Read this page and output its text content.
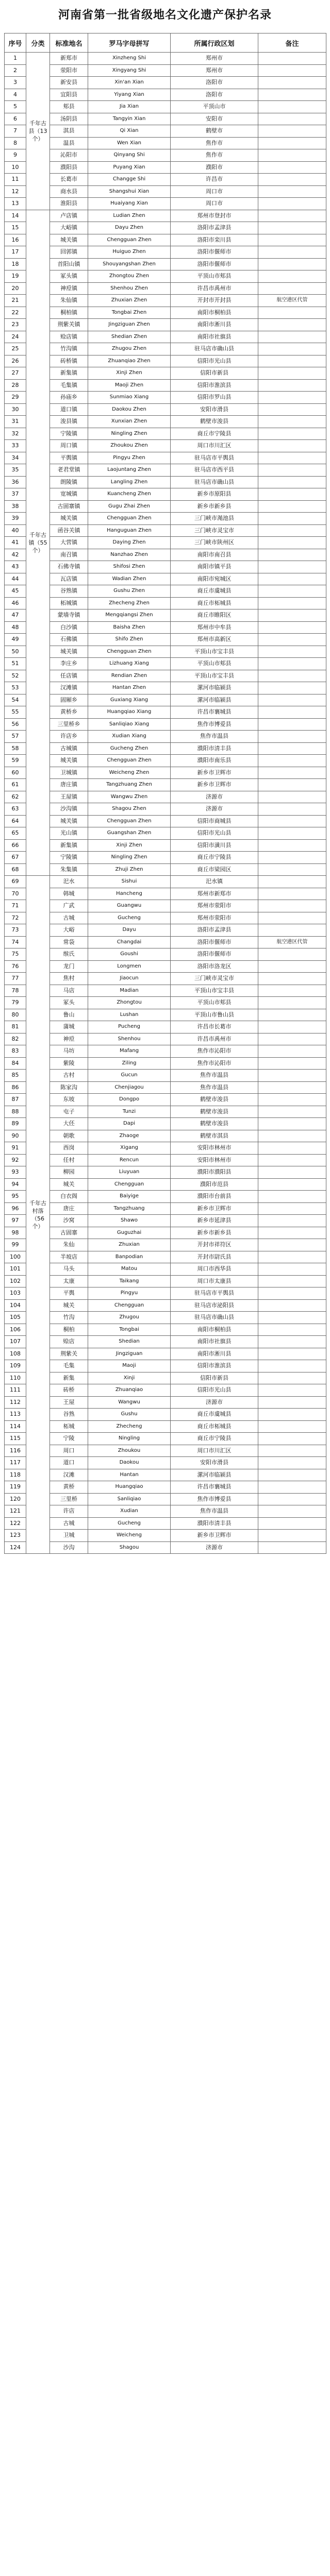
河南省第一批省级地名文化遗产保护名录
序号	分类	标准地名	罗马字母拼写	所属行政区划	备注
1	千年古县（13个）	新郑市	Xinzheng Shi	郑州市	
2		荥阳市	Xingyang Shi	郑州市	
3		新安县	Xin'an Xian	洛阳市	
4		宜阳县	Yiyang Xian	洛阳市	
5		郏县	Jia Xian	平顶山市	
6		汤阴县	Tangyin Xian	安阳市	
7		淇县	Qi Xian	鹤壁市	
8		温县	Wen Xian	焦作市	
9		沁阳市	Qinyang Shi	焦作市	
10		濮阳县	Puyang Xian	濮阳市	
11		长葛市	Changge Shi	许昌市	
12		商水县	Shangshui Xian	周口市	
13		淮阳县	Huaiyang Xian	周口市	
14	千年古镇（55个）	卢店镇	Ludian Zhen	郑州市登封市	
15		大峪镇	Dayu Zhen	洛阳市孟津县	
16		城关镇	Chengguan Zhen	洛阳市栾川县	
17		回郭镇	Huiguo Zhen	洛阳市偃师市	
18		首阳山镇	Shouyangshan Zhen	洛阳市偃师市	
19		冢头镇	Zhongtou Zhen	平顶山市郏县	
20		神垕镇	Shenhou Zhen	许昌市禹州市	
21		朱仙镇	Zhuxian Zhen	开封市开封县	航空港区代管
22		桐柏镇	Tongbai Zhen	南阳市桐柏县	
23		荆紫关镇	Jingziguan Zhen	南阳市淅川县	
24		赊店镇	Shedian Zhen	南阳市社旗县	
25		竹沟镇	Zhugou Zhen	驻马店市确山县	
26		砖桥镇	Zhuanqiao Zhen	信阳市光山县	
27		新集镇	Xinji Zhen	信阳市新县	
28		毛集镇	Maoji Zhen	信阳市淮滨县	
29		孙庙乡	Sunmiao Xiang	信阳市罗山县	
30		道口镇	Daokou Zhen	安阳市滑县	
31		浚县镇	Xunxian Zhen	鹤壁市浚县	
32		宁陵镇	Ningling Zhen	商丘市宁陵县	
33		周口镇	Zhoukou Zhen	周口市川汇区	
34		平舆镇	Pingyu Zhen	驻马店市平舆县	
35		老君堂镇	Laojuntang Zhen	驻马店市西平县	
36		朗陵镇	Langling Zhen	驻马店市确山县	
37		宽城镇	Kuancheng Zhen	新乡市原阳县	
38		古固寨镇	Gugu Zhai Zhen	新乡市新乡县	
39		城关镇	Chengguan Zhen	三门峡市渑池县	
40		函谷关镇	Hanguguan Zhen	三门峡市灵宝市	
41		大营镇	Daying Zhen	三门峡市陕州区	
42		南召镇	Nanzhao Zhen	南阳市南召县	
43		石佛寺镇	Shifosi Zhen	南阳市镇平县	
44		瓦店镇	Wadian Zhen	南阳市宛城区	
45		谷熟镇	Gushu Zhen	商丘市虞城县	
46		柘城镇	Zhecheng Zhen	商丘市柘城县	
47		蒙墙寺镇	Mengqiangsi Zhen	商丘市睢阳区	
48		白沙镇	Baisha Zhen	郑州市中牟县	
49		石佛镇	Shifo Zhen	郑州市高新区	
50		城关镇	Chengguan Zhen	平顶山市宝丰县	
51		李庄乡	Lizhuang Xiang	平顶山市郏县	
52		任店镇	Rendian Zhen	平顶山市宝丰县	
53		汉滩镇	Hantan Zhen	漯河市临颍县	
54		固厢乡	Guxiang Xiang	漯河市临颍县	
55		黄桥乡	Huangqiao Xiang	许昌市襄城县	
56		三里桥乡	Sanliqiao Xiang	焦作市博爱县	
57		许店乡	Xudian Xiang	焦作市温县	
58		古城镇	Gucheng Zhen	濮阳市清丰县	
59		城关镇	Chengguan Zhen	濮阳市南乐县	
60		卫城镇	Weicheng Zhen	新乡市卫辉市	
61		唐庄镇	Tangzhuang Zhen	新乡市卫辉市	
62		王屋镇	Wangwu Zhen	济源市	
63		沙沟镇	Shagou Zhen	济源市	
64		城关镇	Chengguan Zhen	信阳市商城县	
65		光山镇	Guangshan Zhen	信阳市光山县	
66		新集镇	Xinji Zhen	信阳市潢川县	
67		宁陵镇	Ningling Zhen	商丘市宁陵县	
68		朱集镇	Zhuji Zhen	商丘市梁园区	
69	千年古村落（56个）	汜水	Sishui	汜水镇	
70		韩城	Hancheng	郑州市新郑市	
71		广武	Guangwu	郑州市荥阳市	
72		古城	Gucheng	郑州市荥阳市	
73		大峪	Dayu	洛阳市孟津县	
74		常袋	Changdai	洛阳市偃师市	航空港区代管
75		缑氏	Goushi	洛阳市偃师市	
76		龙门	Longmen	洛阳市洛龙区	
77		焦村	Jiaocun	三门峡市灵宝市	
78		马店	Madian	平顶山市宝丰县	
79		冢头	Zhongtou	平顶山市郏县	
80		鲁山	Lushan	平顶山市鲁山县	
81		蒲城	Pucheng	许昌市长葛市	
82		神垕	Shenhou	许昌市禹州市	
83		马坊	Mafang	焦作市沁阳市	
84		紫陵	Ziling	焦作市沁阳市	
85		古村	Gucun	焦作市温县	
86		陈家沟	Chenjiagou	焦作市温县	
87		东坡	Dongpo	鹤壁市浚县	
88		屯子	Tunzi	鹤壁市浚县	
89		大伾	Dapi	鹤壁市浚县	
90		朝歌	Zhaoge	鹤壁市淇县	
91		西岗	Xigang	安阳市林州市	
92		任村	Rencun	安阳市林州市	
93		柳园	Liuyuan	濮阳市濮阳县	
94		城关	Chengguan	濮阳市范县	
95		白衣阁	Baiyige	濮阳市台前县	
96		唐庄	Tangzhuang	新乡市卫辉市	
97		沙窝	Shawo	新乡市延津县	
98		古固寨	Guguzhai	新乡市新乡县	
99		朱仙	Zhuxian	开封市祥符区	
100		半坡店	Banpodian	开封市尉氏县	
101		马头	Matou	周口市西华县	
102		太康	Taikang	周口市太康县	
103		平舆	Pingyu	驻马店市平舆县	
104		城关	Chengguan	驻马店市泌阳县	
105		竹沟	Zhugou	驻马店市确山县	
106		桐柏	Tongbai	南阳市桐柏县	
107		赊店	Shedian	南阳市社旗县	
108		荆紫关	Jingziguan	南阳市淅川县	
109		毛集	Maoji	信阳市淮滨县	
110		新集	Xinji	信阳市新县	
111		砖桥	Zhuanqiao	信阳市光山县	
112		王屋	Wangwu	济源市	
113		谷熟	Gushu	商丘市虞城县	
114		柘城	Zhecheng	商丘市柘城县	
115		宁陵	Ningling	商丘市宁陵县	
116		周口	Zhoukou	周口市川汇区	
117		道口	Daokou	安阳市滑县	
118		汉滩	Hantan	漯河市临颍县	
119		黄桥	Huangqiao	许昌市襄城县	
120		三里桥	Sanliqiao	焦作市博爱县	
121		许店	Xudian	焦作市温县	
122		古城	Gucheng	濮阳市清丰县	
123		卫城	Weicheng	新乡市卫辉市	
124		沙沟	Shagou	济源市	
